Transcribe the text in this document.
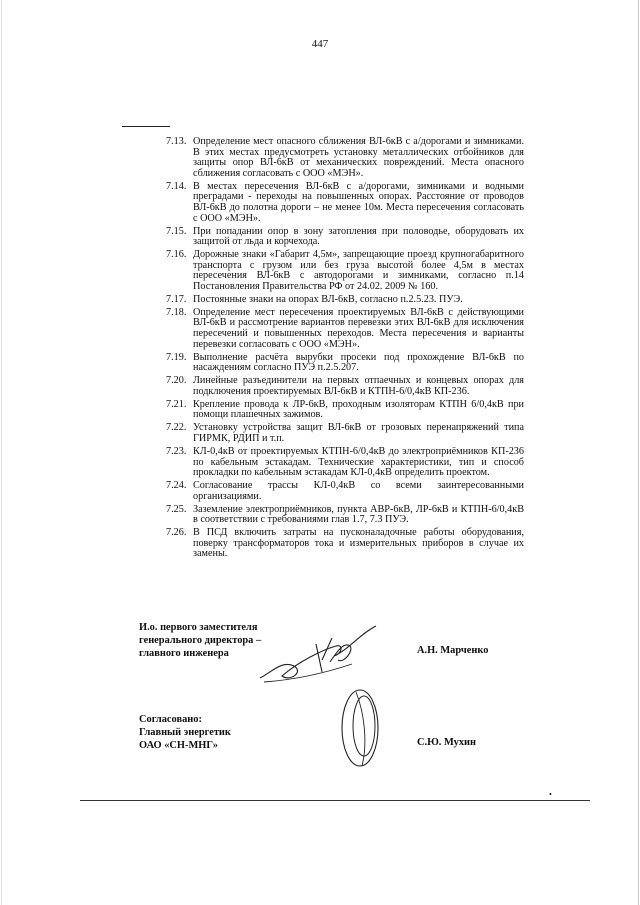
447
7.13. Определение мест опасного сближения ВЛ-6кВ с а/дорогами и зимниками. В этих местах предусмотреть установку металлических отбойников для защиты опор ВЛ-6кВ от механических повреждений. Места опасного сближения согласовать с ООО «МЭН».
7.14. В местах пересечения ВЛ-6кВ с а/дорогами, зимниками и водными преградами - переходы на повышенных опорах. Расстояние от проводов ВЛ-6кВ до полотна дороги – не менее 10м. Места пересечения согласовать с ООО «МЭН».
7.15. При попадании опор в зону затопления при половодье, оборудовать их защитой от льда и корчехода.
7.16. Дорожные знаки «Габарит 4,5м», запрещающие проезд крупногабаритного транспорта с грузом или без груза высотой более 4,5м в местах пересечения ВЛ-6кВ с автодорогами и зимниками, согласно п.14 Постановления Правительства РФ от 24.02. 2009 № 160.
7.17. Постоянные знаки на опорах ВЛ-6кВ, согласно п.2.5.23. ПУЭ.
7.18. Определение мест пересечения проектируемых ВЛ-6кВ с действующими ВЛ-6кВ и рассмотрение вариантов перевезки этих ВЛ-6кВ для исключения пересечений и повышенных переходов. Места пересечения и варианты перевезки согласовать с ООО «МЭН».
7.19. Выполнение расчёта вырубки просеки под прохождение ВЛ-6кВ по насаждениям согласно ПУЭ п.2.5.207.
7.20. Линейные разъединители на первых отпаечных и концевых опорах для подключения проектируемых ВЛ-6кВ и КТПН-6/0,4кВ КП-236.
7.21. Крепление провода к ЛР-6кВ, проходным изоляторам КТПН 6/0,4кВ при помощи плашечных зажимов.
7.22. Установку устройства защит ВЛ-6кВ от грозовых перенапряжений типа ГИРМК, РДИП и т.п.
7.23. КЛ-0,4кВ от проектируемых КТПН-6/0,4кВ до электроприёмников КП-236 по кабельным эстакадам. Технические характеристики, тип и способ прокладки по кабельным эстакадам КЛ-0,4кВ определить проектом.
7.24. Согласование трассы КЛ-0,4кВ со всеми заинтересованными организациями.
7.25. Заземление электроприёмников, пункта АВР-6кВ, ЛР-6кВ и КТПН-6/0,4кВ в соответствии с требованиями глав 1.7, 7.3 ПУЭ.
7.26. В ПСД включить затраты на пусконаладочные работы оборудования, поверку трансформаторов тока и измерительных приборов в случае их замены.
И.о. первого заместителя
генерального директора –
главного инженера	А.Н. Марченко
Согласовано:
Главный энергетик
ОАО «СН-МНГ»	С.Ю. Мухин
•
